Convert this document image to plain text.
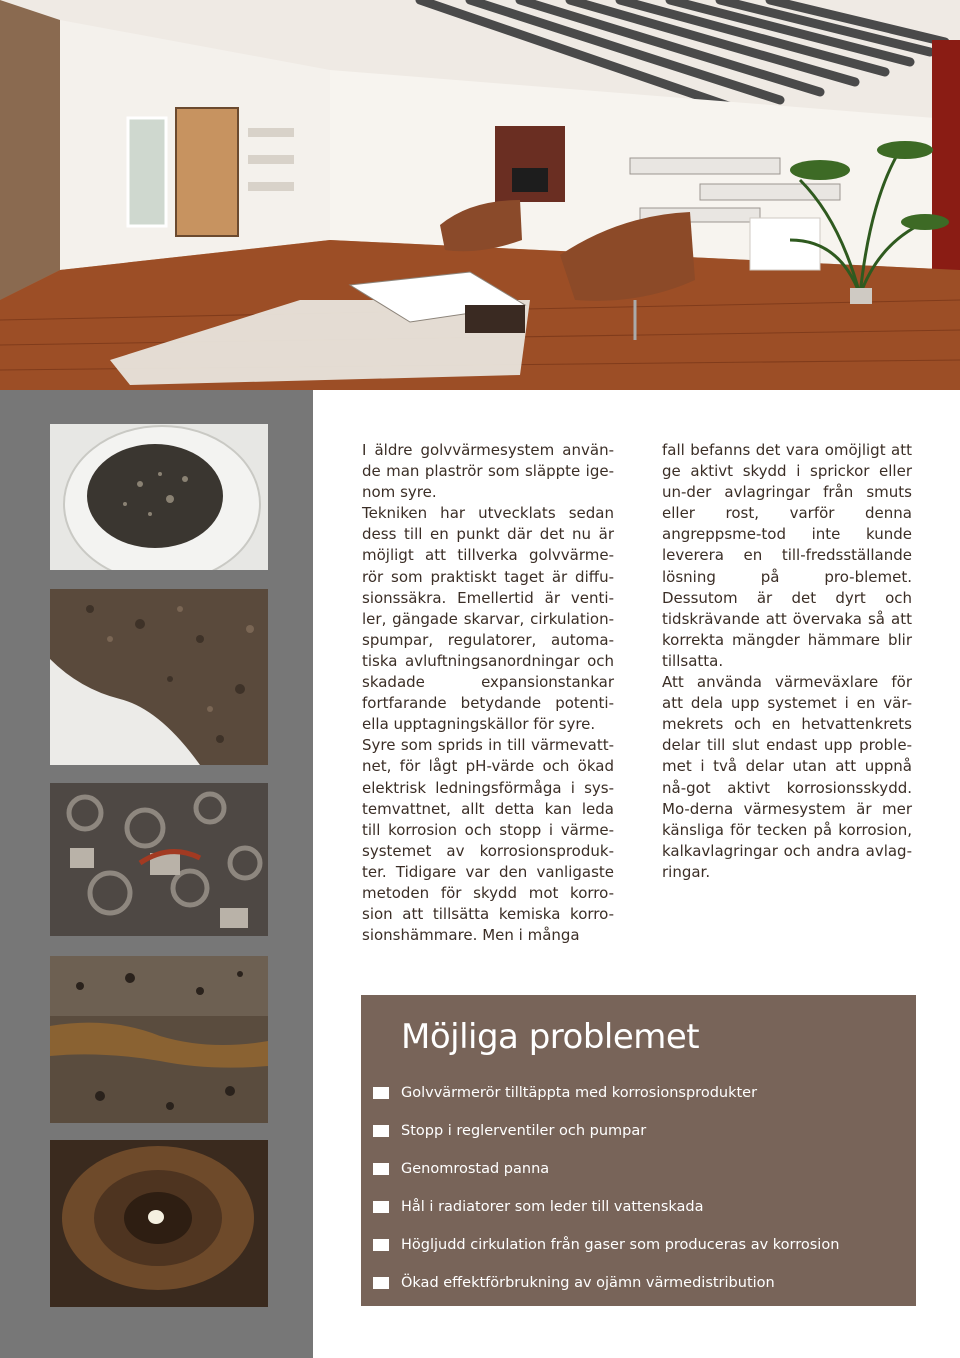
I äldre golvvärmesystem använ-de man plaströr som släppte ige-nom syre.

Tekniken har utvecklats sedan dess till en punkt där det nu är möjligt att tillverka golvvärme-rör som praktiskt taget är diffu-sionssäkra. Emellertid är venti-ler, gängade skarvar, cirkulation-spumpar, regulatorer, automa-tiska avluftningsanordningar och skadade expansionstankar fortfarande betydande potenti-ella upptagningskällor för syre.

Syre som sprids in till värmevatt-net, för lågt pH-värde och ökad elektrisk ledningsförmåga i sys-temvattnet, allt detta kan leda till korrosion och stopp i värme-systemet av korrosionsproduk-ter. Tidigare var den vanligaste metoden för skydd mot korro-sion att tillsätta kemiska korro-sionshämmare. Men i många

fall befanns det vara omöjligt att ge aktivt skydd i sprickor eller un-der avlagringar från smuts eller rost, varför denna angreppsme-tod inte kunde leverera en till-fredsställande lösning på pro-blemet. Dessutom är det dyrt och tidskrävande att övervaka så att korrekta mängder hämmare blir tillsatta.

Att använda värmeväxlare för att dela upp systemet i en vär-mekrets och en hetvattenkrets delar till slut endast upp proble-met i två delar utan att uppnå nå-got aktivt korrosionsskydd. Mo-derna värmesystem är mer känsliga för tecken på korrosion, kalkavlagringar och andra avlag-ringar.

Möjliga problemet
Golvvärmerör tilltäppta med korrosionsprodukter
Stopp i reglerventiler och pumpar
Genomrostad panna
Hål i radiatorer som leder till vattenskada
Högljudd cirkulation från gaser som produceras av korrosion
Ökad effektförbrukning av ojämn värmedistribution
